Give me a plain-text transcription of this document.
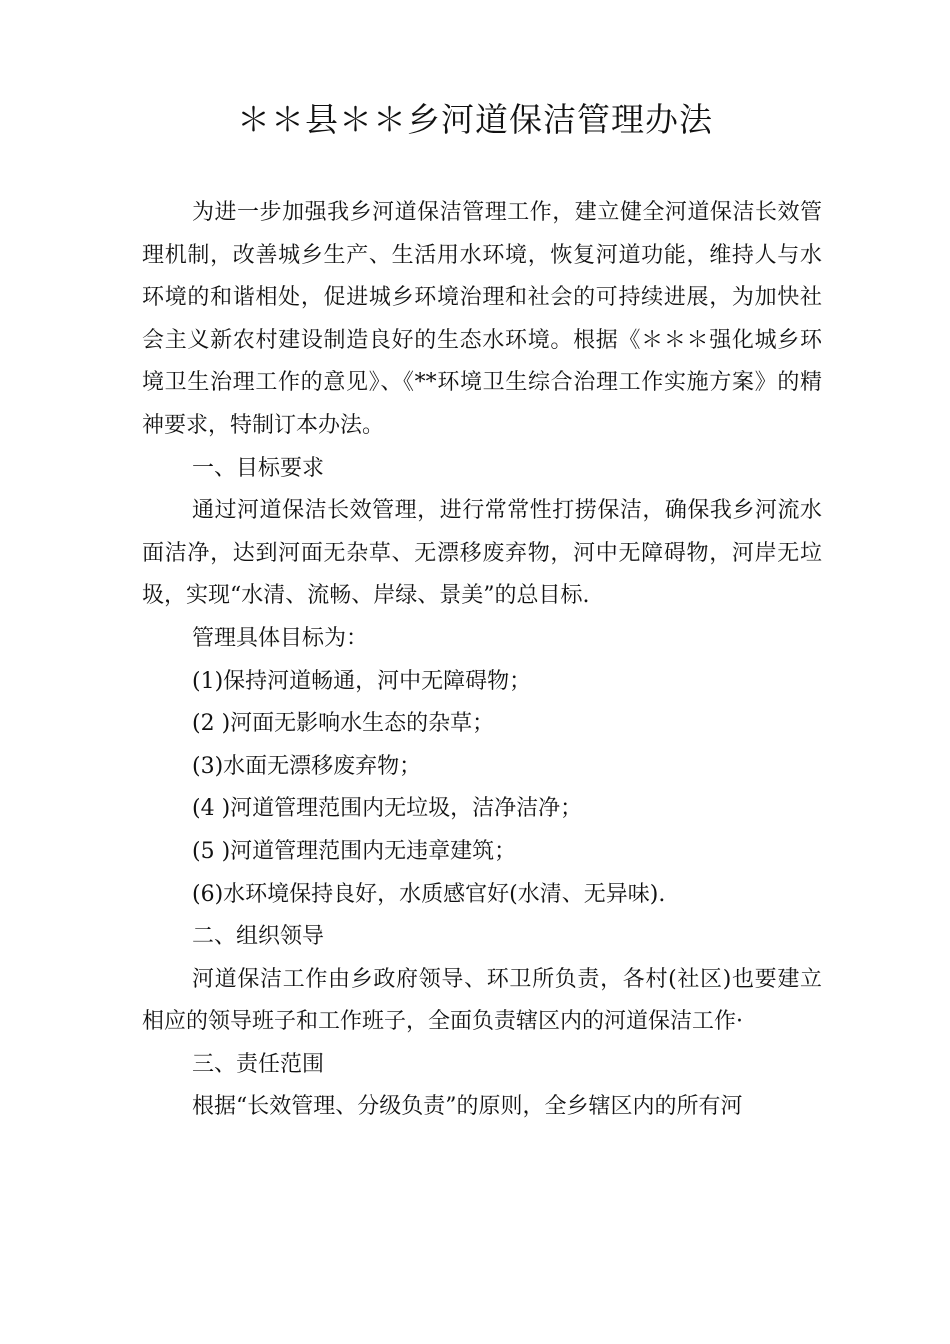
＊＊县＊＊乡河道保洁管理办法

为进一步加强我乡河道保洁管理工作，建立健全河道保洁长效管理机制，改善城乡生产、生活用水环境，恢复河道功能，维持人与水环境的和谐相处，促进城乡环境治理和社会的可持续进展，为加快社会主义新农村建设制造良好的生态水环境。根据《＊＊＊强化城乡环境卫生治理工作的意见》、《**环境卫生综合治理工作实施方案》的精神要求，特制订本办法。

一、目标要求

通过河道保洁长效管理，进行常常性打捞保洁，确保我乡河流水面洁净，达到河面无杂草、无漂移废弃物，河中无障碍物，河岸无垃圾，实现“水清、流畅、岸绿、景美”的总目标.

管理具体目标为：

(1)保持河道畅通，河中无障碍物；

(2 )河面无影响水生态的杂草；

(3)水面无漂移废弃物；

(4 )河道管理范围内无垃圾，洁净洁净；

(5 )河道管理范围内无违章建筑；

(6)水环境保持良好，水质感官好(水清、无异味).

二、组织领导

河道保洁工作由乡政府领导、环卫所负责，各村(社区)也要建立相应的领导班子和工作班子，全面负责辖区内的河道保洁工作·

三、责任范围

根据“长效管理、分级负责”的原则，全乡辖区内的所有河
